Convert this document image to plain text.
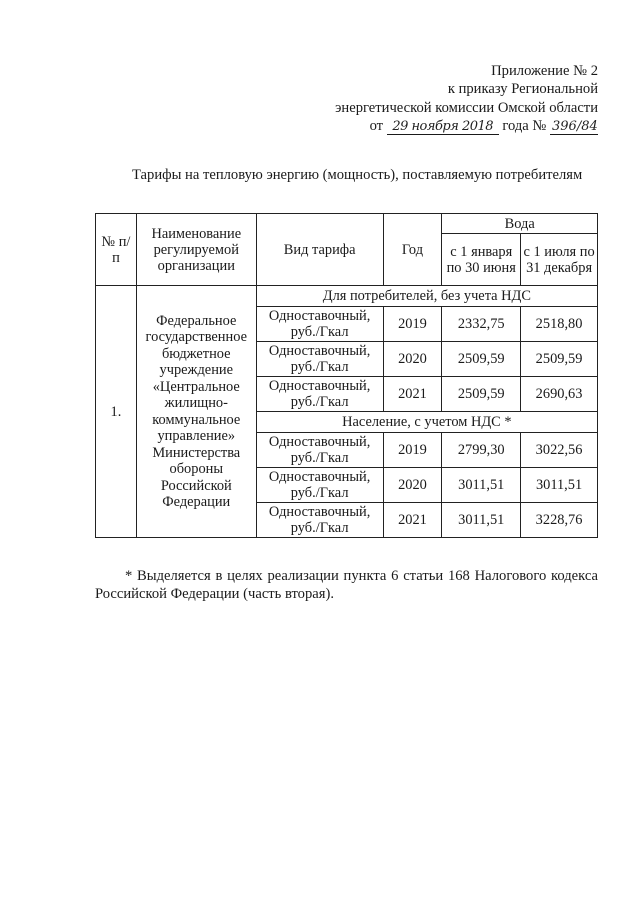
Приложение № 2
к приказу Региональной
энергетической комиссии Омской области
от 29 ноября 2018 года № 396/84
Тарифы на тепловую энергию (мощность), поставляемую потребителям
№ п/п	Наименование регулируемой организации	Вид тарифа	Год	Вода	
				с 1 января по 30 июня	с 1 июля по 31 декабря
1.	Федеральное государственное бюджетное учреждение «Центральное жилищно-коммунальное управление» Министерства обороны Российской Федерации	Для потребителей, без учета НДС			
		Одноставочный,
руб./Гкал	2019	2332,75	2518,80
		Одноставочный,
руб./Гкал	2020	2509,59	2509,59
		Одноставочный,
руб./Гкал	2021	2509,59	2690,63
		Население, с учетом НДС *			
		Одноставочный,
руб./Гкал	2019	2799,30	3022,56
		Одноставочный,
руб./Гкал	2020	3011,51	3011,51
		Одноставочный,
руб./Гкал	2021	3011,51	3228,76
* Выделяется в целях реализации пункта 6 статьи 168 Налогового кодекса Российской Федерации (часть вторая).
